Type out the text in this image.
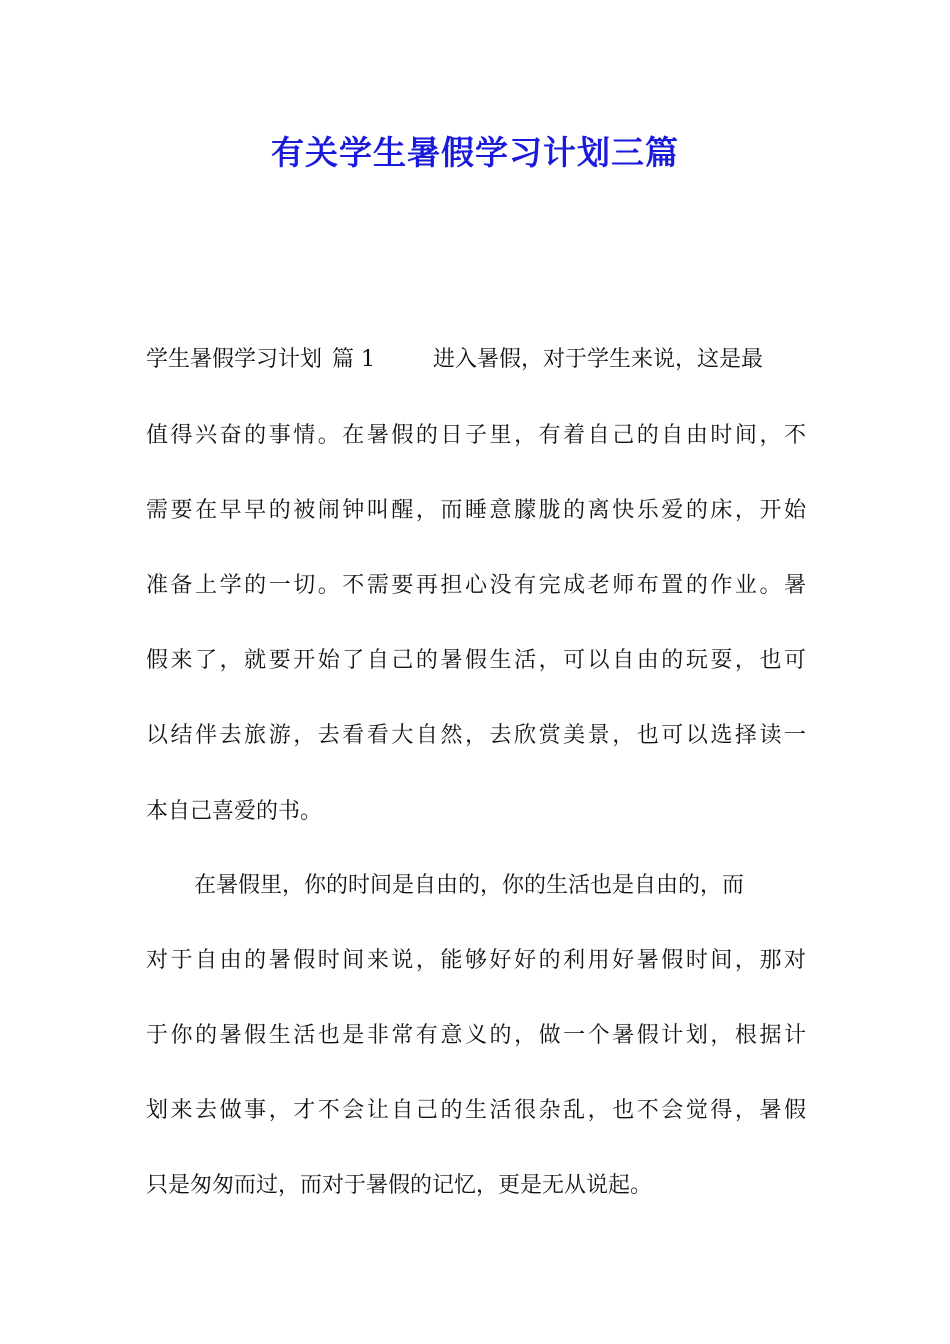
有关学生暑假学习计划三篇
学生暑假学习计划 篇 1	进入暑假，对于学生来说，这是最
值得兴奋的事情。在暑假的日子里，有着自己的自由时间，不
需要在早早的被闹钟叫醒，而睡意朦胧的离快乐爱的床，开始
准备上学的一切。不需要再担心没有完成老师布置的作业。暑
假来了，就要开始了自己的暑假生活，可以自由的玩耍，也可
以结伴去旅游，去看看大自然，去欣赏美景，也可以选择读一
本自己喜爱的书。
在暑假里，你的时间是自由的，你的生活也是自由的，而
对于自由的暑假时间来说，能够好好的利用好暑假时间，那对
于你的暑假生活也是非常有意义的，做一个暑假计划，根据计
划来去做事，才不会让自己的生活很杂乱，也不会觉得，暑假
只是匆匆而过，而对于暑假的记忆，更是无从说起。
